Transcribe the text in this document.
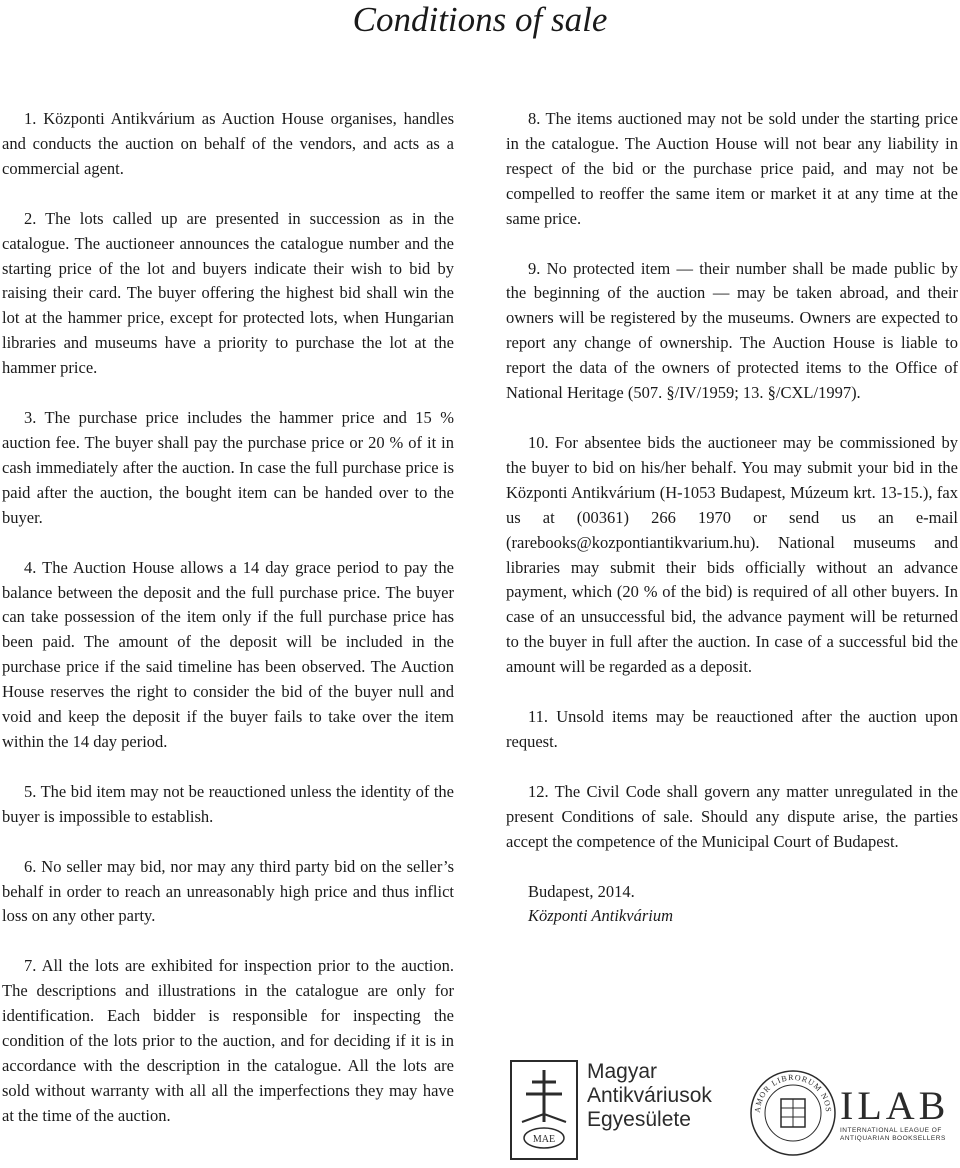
Conditions of sale

1. Központi Antikvárium as Auction House organises, handles and conducts the auction on behalf of the vendors, and acts as a commercial agent.

2. The lots called up are presented in succession as in the catalogue. The auctioneer announces the catalogue number and the starting price of the lot and buyers indicate their wish to bid by raising their card. The buyer offering the highest bid shall win the lot at the hammer price, except for protected lots, when Hungarian libraries and museums have a priority to purchase the lot at the hammer price.

3. The purchase price includes the hammer price and 15 % auction fee. The buyer shall pay the purchase price or 20 % of it in cash immediately after the auction. In case the full purchase price is paid after the auction, the bought item can be handed over to the buyer.

4. The Auction House allows a 14 day grace period to pay the balance between the deposit and the full purchase price. The buyer can take possession of the item only if the full purchase price has been paid. The amount of the deposit will be included in the purchase price if the said timeline has been observed. The Auction House reserves the right to consider the bid of the buyer null and void and keep the deposit if the buyer fails to take over the item within the 14 day period.

5. The bid item may not be reauctioned unless the identity of the buyer is impossible to establish.

6. No seller may bid, nor may any third party bid on the seller’s behalf in order to reach an unreasonably high price and thus inflict loss on any other party.

7. All the lots are exhibited for inspection prior to the auction. The descriptions and illustrations in the catalogue are only for identification. Each bidder is responsible for inspecting the condition of the lots prior to the auction, and for deciding if it is in accordance with the description in the catalogue. All the lots are sold without warranty with all all the imperfections they may have at the time of the auction.

8. The items auctioned may not be sold under the starting price in the catalogue. The Auction House will not bear any liability in respect of the bid or the purchase price paid, and may not be compelled to reoffer the same item or market it at any time at the same price.

9. No protected item — their number shall be made public by the beginning of the auction — may be taken abroad, and their owners will be registered by the museums. Owners are expected to report any change of ownership. The Auction House is liable to report the data of the owners of protected items to the Office of National Heritage (507. §/IV/1959; 13. §/CXL/1997).

10. For absentee bids the auctioneer may be commissioned by the buyer to bid on his/her behalf. You may submit your bid in the Központi Antikvárium (H-1053 Budapest, Múzeum krt. 13-15.), fax us at (00361) 266 1970 or send us an e-mail (rarebooks@kozpontiantikvarium.hu). National museums and libraries may submit their bids officially without an advance payment, which (20 % of the bid) is required of all other buyers. In case of an unsuccessful bid, the advance payment will be returned to the buyer in full after the auction. In case of a successful bid the amount will be regarded as a deposit.

11. Unsold items may be reauctioned after the auction upon request.

12. The Civil Code shall govern any matter unregulated in the present Conditions of sale. Should any dispute arise, the parties accept the competence of the Municipal Court of Budapest.

Budapest, 2014.
Központi Antikvárium
MAE
Magyar
Antikváriusok
Egyesülete	AMOR LIBRORUM NOS ILAB
INTERNATIONAL LEAGUE OF
ANTIQUARIAN BOOKSELLERS
